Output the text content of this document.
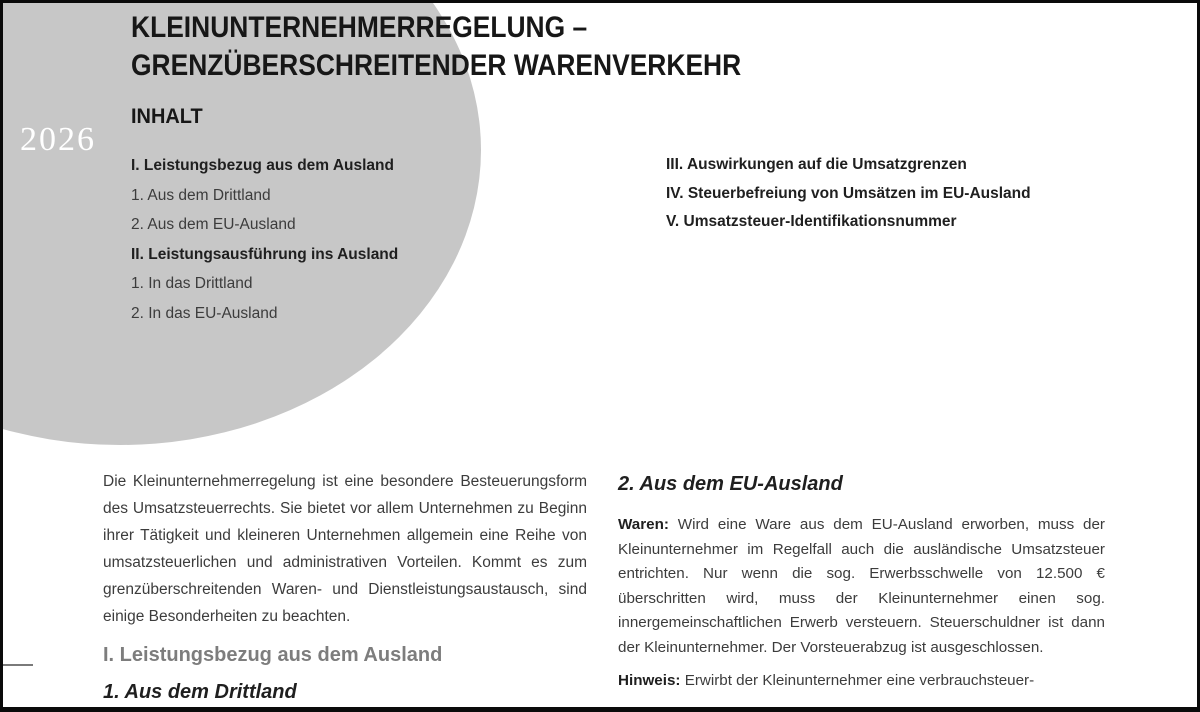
2026
KLEINUNTERNEHMERREGELUNG –
GRENZÜBERSCHREITENDER WARENVERKEHR
INHALT
I. Leistungsbezug aus dem Ausland
1. Aus dem Drittland
2. Aus dem EU-Ausland
II. Leistungsausführung ins Ausland
1. In das Drittland
2. In das EU-Ausland
III. Auswirkungen auf die Umsatzgrenzen
IV. Steuerbefreiung von Umsätzen im EU-Ausland
V. Umsatzsteuer-Identifikationsnummer

Die Kleinunternehmerregelung ist eine besondere Besteuerungsform des Umsatzsteuerrechts. Sie bietet vor allem Unternehmen zu Beginn ihrer Tätigkeit und kleineren Unternehmen allgemein eine Reihe von umsatzsteuerlichen und administrativen Vorteilen. Kommt es zum grenzüberschreitenden Waren- und Dienstleistungsaustausch, sind einige Besonderheiten zu beachten.

I. Leistungsbezug aus dem Ausland
1. Aus dem Drittland
2. Aus dem EU-Ausland

Waren: Wird eine Ware aus dem EU-Ausland erworben, muss der Kleinunternehmer im Regelfall auch die ausländische Umsatzsteuer entrichten. Nur wenn die sog. Erwerbsschwelle von 12.500 € überschritten wird, muss der Kleinunternehmer einen sog. innergemeinschaftlichen Erwerb versteuern. Steuerschuldner ist dann der Kleinunternehmer. Der Vorsteuerabzug ist ausgeschlossen.

Hinweis: Erwirbt der Kleinunternehmer eine verbrauchsteuer-
